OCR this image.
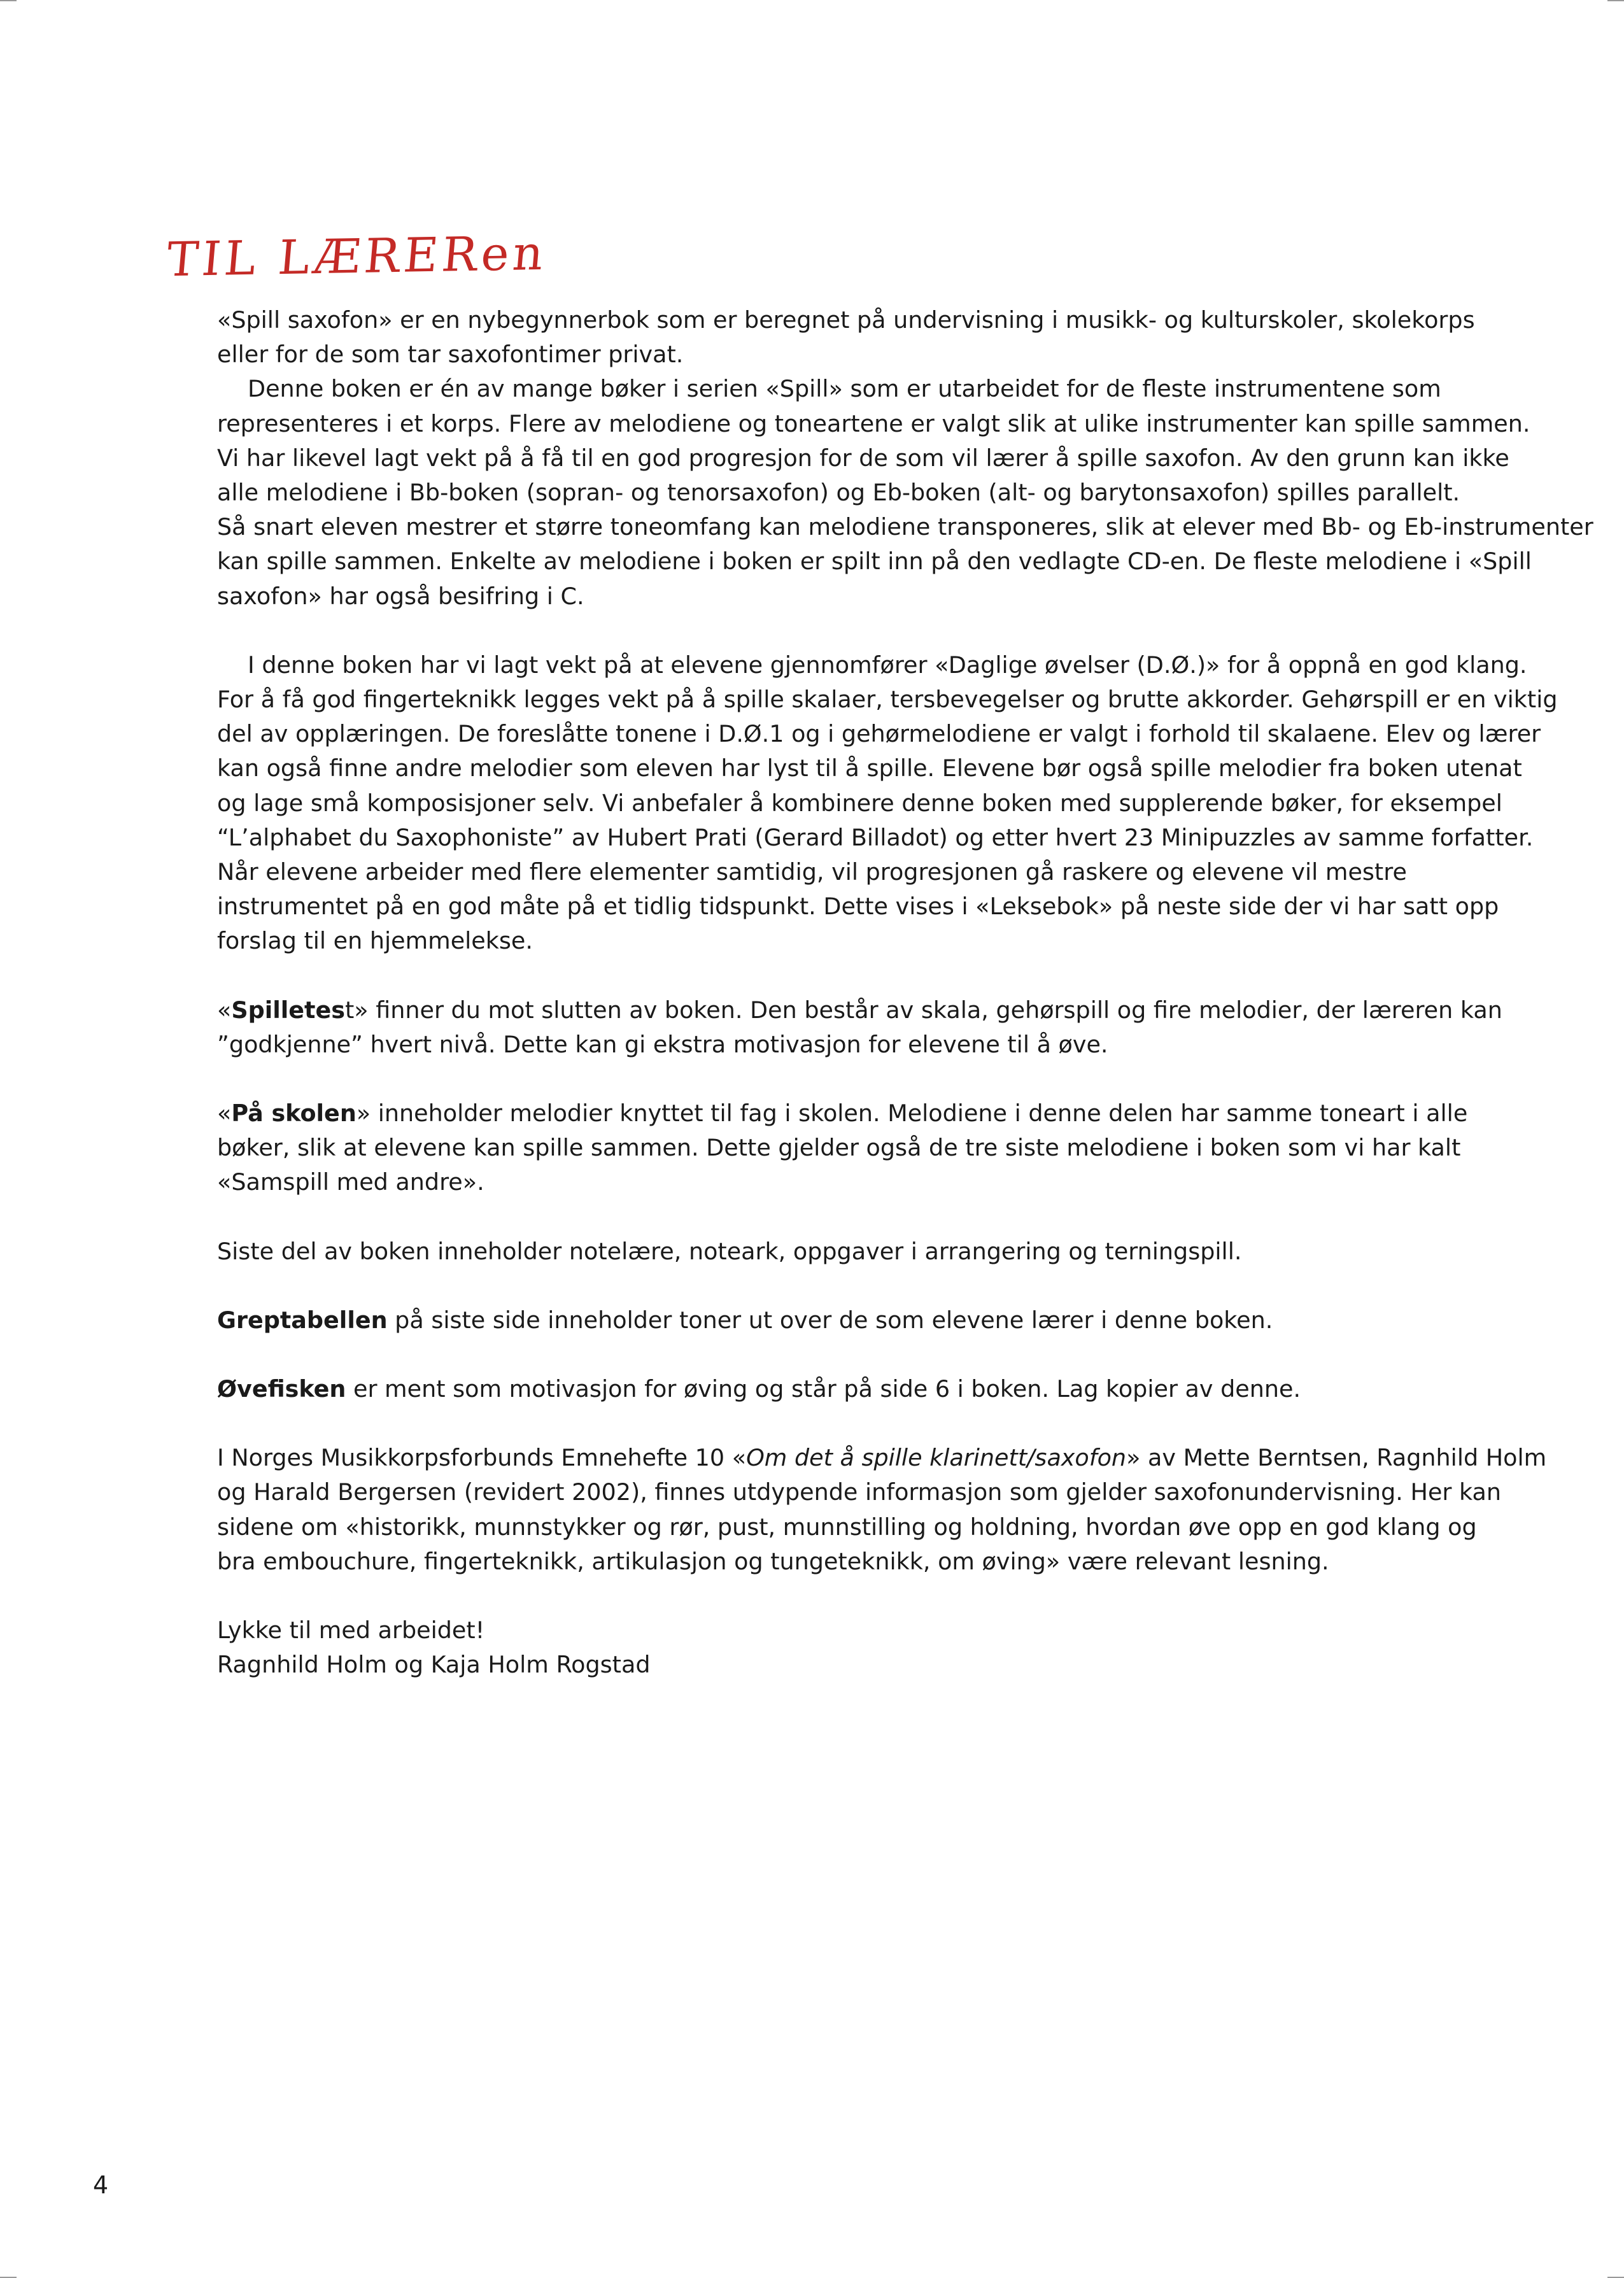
TIL LÆRERen

«Spill saxofon» er en nybegynnerbok som er beregnet på undervisning i musikk- og kulturskoler, skolekorps
eller for de som tar saxofontimer privat.
Denne boken er én av mange bøker i serien «Spill» som er utarbeidet for de fleste instrumentene som
representeres i et korps. Flere av melodiene og toneartene er valgt slik at ulike instrumenter kan spille sammen.
Vi har likevel lagt vekt på å få til en god progresjon for de som vil lærer å spille saxofon. Av den grunn kan ikke
alle melodiene i Bb-boken (sopran- og tenorsaxofon) og Eb-boken (alt- og barytonsaxofon) spilles parallelt.
Så snart eleven mestrer et større toneomfang kan melodiene transponeres, slik at elever med Bb- og Eb-instrumenter
kan spille sammen. Enkelte av melodiene i boken er spilt inn på den vedlagte CD-en. De fleste melodiene i «Spill
saxofon» har også besifring i C.

I denne boken har vi lagt vekt på at elevene gjennomfører «Daglige øvelser (D.Ø.)» for å oppnå en god klang.
For å få god fingerteknikk legges vekt på å spille skalaer, tersbevegelser og brutte akkorder. Gehørspill er en viktig
del av opplæringen. De foreslåtte tonene i D.Ø.1 og i gehørmelodiene er valgt i forhold til skalaene. Elev og lærer
kan også finne andre melodier som eleven har lyst til å spille. Elevene bør også spille melodier fra boken utenat
og lage små komposisjoner selv. Vi anbefaler å kombinere denne boken med supplerende bøker, for eksempel
“L’alphabet du Saxophoniste” av Hubert Prati (Gerard Billadot) og etter hvert 23 Minipuzzles av samme forfatter.
Når elevene arbeider med flere elementer samtidig, vil progresjonen gå raskere og elevene vil mestre
instrumentet på en god måte på et tidlig tidspunkt. Dette vises i «Leksebok» på neste side der vi har satt opp
forslag til en hjemmelekse.

«Spilletest» finner du mot slutten av boken. Den består av skala, gehørspill og fire melodier, der læreren kan
”godkjenne” hvert nivå. Dette kan gi ekstra motivasjon for elevene til å øve.

«På skolen» inneholder melodier knyttet til fag i skolen. Melodiene i denne delen har samme toneart i alle
bøker, slik at elevene kan spille sammen. Dette gjelder også de tre siste melodiene i boken som vi har kalt
«Samspill med andre».

Siste del av boken inneholder notelære, noteark, oppgaver i arrangering og terningspill.

Greptabellen på siste side inneholder toner ut over de som elevene lærer i denne boken.

Øvefisken er ment som motivasjon for øving og står på side 6 i boken. Lag kopier av denne.

I Norges Musikkorpsforbunds Emnehefte 10 «Om det å spille klarinett/saxofon» av Mette Berntsen, Ragnhild Holm
og Harald Bergersen (revidert 2002), finnes utdypende informasjon som gjelder saxofonundervisning. Her kan
sidene om «historikk, munnstykker og rør, pust, munnstilling og holdning, hvordan øve opp en god klang og
bra embouchure, fingerteknikk, artikulasjon og tungeteknikk, om øving» være relevant lesning.

Lykke til med arbeidet!
Ragnhild Holm og Kaja Holm Rogstad

4
